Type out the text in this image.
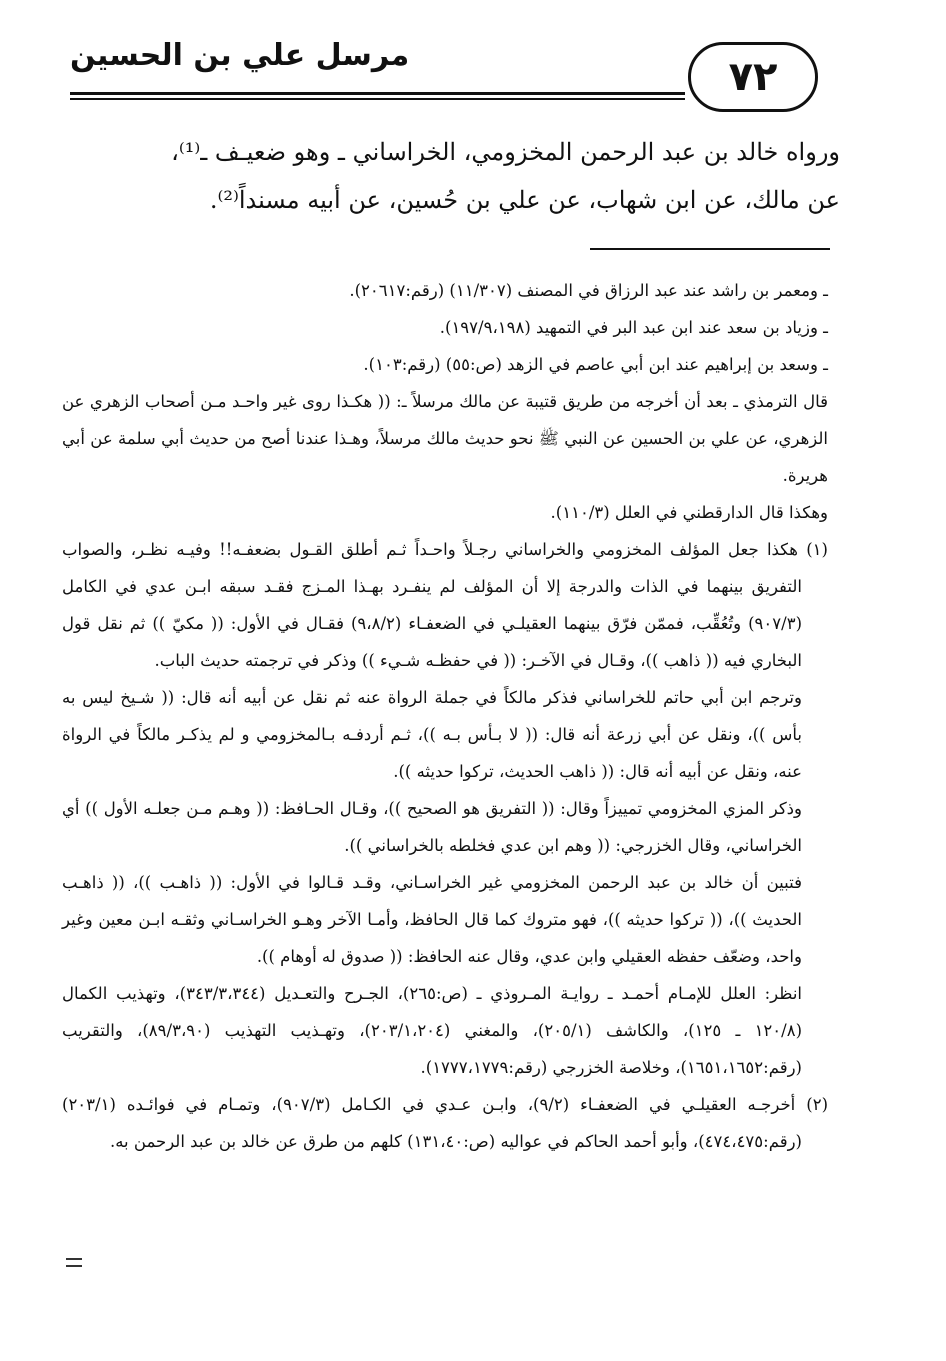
مرسل علي بن الحسين	٧٢

ورواه خالد بن عبد الرحمن المخزومي، الخراساني ـ وهو ضعيـف ـ⁽¹⁾،

عن مالك، عن ابن شهاب، عن علي بن حُسين، عن أبيه مسنداً⁽²⁾.

ـ ومعمر بن راشد عند عبد الرزاق في المصنف (١١/٣٠٧) (رقم:٢٠٦١٧).

ـ وزياد بن سعد عند ابن عبد البر في التمهيد (١٩٧/٩،١٩٨).

ـ وسعد بن إبراهيم عند ابن أبي عاصم في الزهد (ص:٥٥) (رقم:١٠٣).

قال الترمذي ـ بعد أن أخرجه من طريق قتيبة عن مالك مرسلاً ـ: (( هكـذا روى غير واحـد مـن أصحاب الزهري عن الزهري، عن علي بن الحسين عن النبي ﷺ نحو حديث مالك مرسلاً، وهـذا عندنا أصح من حديث أبي سلمة عن أبي هريرة.

وهكذا قال الدارقطني في العلل (١١٠/٣).

(١) هكذا جعل المؤلف المخزومي والخراساني رجـلاً واحـداً ثـم أطلق القـول بضعفـه!! وفيـه نظـر، والصواب التفريق بينهما في الذات والدرجة إلا أن المؤلف لم ينفـرد بهـذا المـزج فقـد سبقه ابـن عدي في الكامل (٩٠٧/٣) وتُعُقِّب، فممّن فرّق بينهما العقيلـي في الضعفـاء (٩،٨/٢) فقـال في الأول: (( مكيّ )) ثم نقل قول البخاري فيه (( ذاهب ))، وقـال في الآخـر: (( في حفظـه شـيء )) وذكر في ترجمته حديث الباب.

وترجم ابن أبي حاتم للخراساني فذكر مالكاً في جملة الرواة عنه ثم نقل عن أبيه أنه قال: (( شـيخ ليس به بأس ))، ونقل عن أبي زرعة أنه قال: (( لا بـأس بـه ))، ثـم أردفـه بـالمخزومي و لم يذكـر مالكاً في الرواة عنه، ونقل عن أبيه أنه قال: (( ذاهب الحديث، تركوا حديثه )).

وذكر المزي المخزومي تمييزاً وقال: (( التفريق هو الصحيح ))، وقـال الحـافظ: (( وهـم مـن جعلـه الأول )) أي الخراساني، وقال الخزرجي: (( وهم ابن عدي فخلطه بالخراساني )).

فتبين أن خالد بن عبد الرحمن المخزومي غير الخراسـاني، وقـد قـالوا في الأول: (( ذاهـب ))، (( ذاهـب الحديث ))، (( تركوا حديثه ))، فهو متروك كما قال الحافظ، وأمـا الآخر وهـو الخراسـاني وثقـه ابـن معين وغير واحد، وضعّف حفظه العقيلي وابن عدي، وقال عنه الحافظ: (( صدوق له أوهام )).

انظر: العلل للإمـام أحمـد ـ روايـة المـروذي ـ (ص:٢٦٥)، الجـرح والتعـديل (٣٤٣/٣،٣٤٤)، وتهذيب الكمال (١٢٠/٨ ـ ١٢٥)، والكاشف (٢٠٥/١)، والمغني (٢٠٣/١،٢٠٤)، وتهـذيب التهذيب (٨٩/٣،٩٠)، والتقريب (رقم:١٦٥١،١٦٥٢)، وخلاصة الخزرجي (رقم:١٧٧٧،١٧٧٩).

(٢) أخرجـه العقيلـي في الضعفـاء (٩/٢)، وابـن عـدي في الكـامل (٩٠٧/٣)، وتمـام في فوائـده (٢٠٣/١) (رقم:٤٧٤،٤٧٥)، وأبو أحمد الحاكم في عواليه (ص:١٣١،٤٠) كلهم من طرق عن خالد بن عبد الرحمن به.
